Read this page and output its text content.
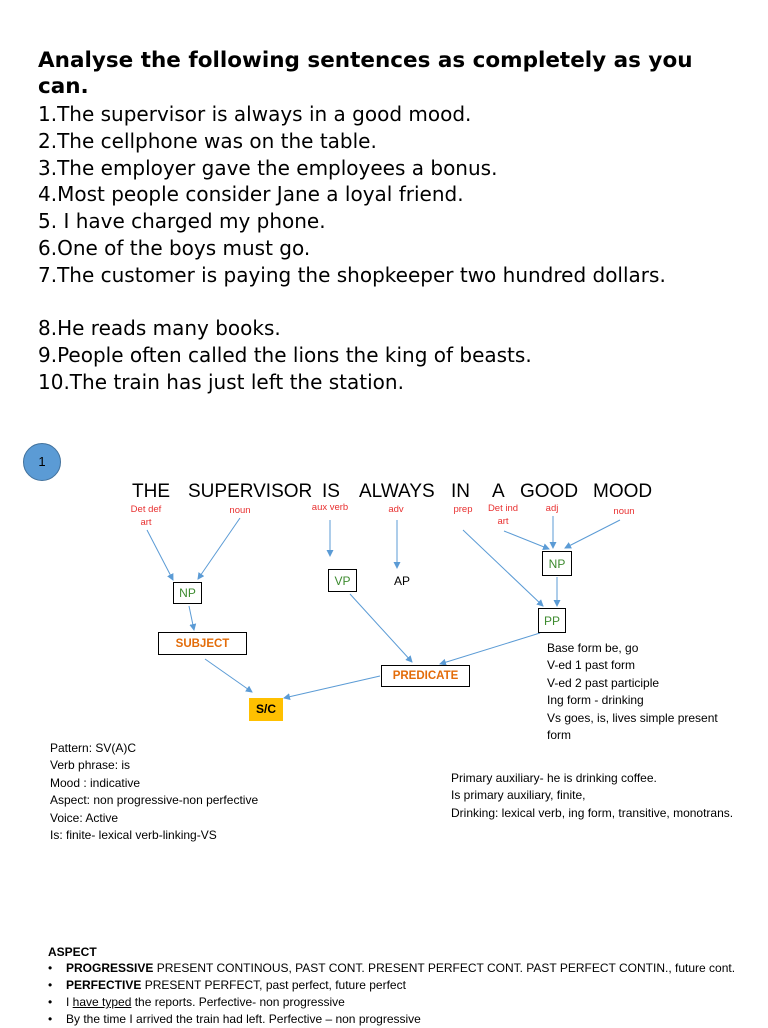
Analyse the following sentences as completely as you can.
1.The supervisor is always in a good mood.
2.The cellphone was on the table.
3.The employer gave the employees a bonus.
4.Most people consider Jane a loyal friend.
5. I have charged my phone.
6.One of the boys must go.
7.The customer is paying the shopkeeper two hundred dollars.
8.He reads many books.
9.People often called the lions the king of beasts.
10.The train has just left the station.
1
THE SUPERVISOR IS ALWAYS IN A GOOD MOOD
Det def art
noun	aux verb	adv	prep	Det ind art
adj	noun
NP
VP	AP
NP
PP
SUBJECT
PREDICATE
S/C
Base form be, go
V-ed 1 past form
V-ed 2 past participle
Ing form - drinking
Vs goes, is, lives simple present
form
Pattern: SV(A)C
Verb phrase: is
Mood : indicative
Aspect: non progressive-non perfective
Voice: Active
Is: finite- lexical verb-linking-VS
Primary auxiliary- he is drinking coffee.
Is primary auxiliary, finite,
Drinking: lexical verb, ing form, transitive, monotrans.
ASPECT
• PROGRESSIVE PRESENT CONTINOUS, PAST CONT. PRESENT PERFECT CONT. PAST PERFECT CONTIN., future cont.
• PERFECTIVE PRESENT PERFECT, past perfect, future perfect
• I have typed the reports. Perfective- non progressive
• By the time I arrived the train had left. Perfective – non progressive
